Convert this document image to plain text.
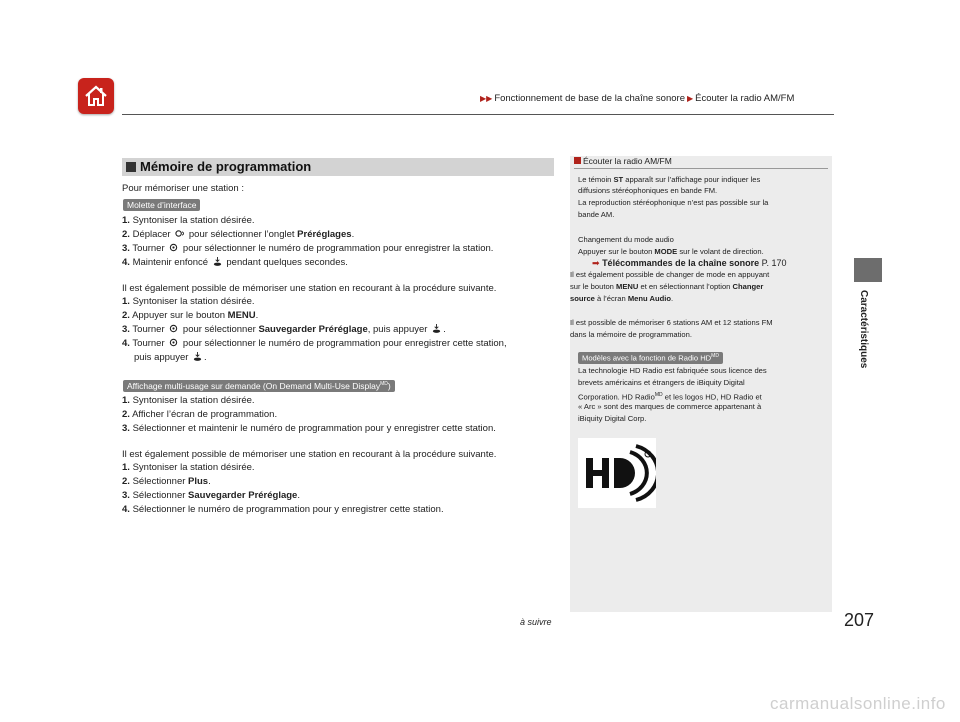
▶▶ Fonctionnement de base de la chaîne sonore ▶ Écouter la radio AM/FM
Caractéristiques
Mémoire de programmation
Pour mémoriser une station :
Molette d’interface
1. Syntoniser la station désirée.
2. Déplacer  pour sélectionner l’onglet Préréglages.
3. Tourner  pour sélectionner le numéro de programmation pour enregistrer la station.
4. Maintenir enfoncé  pendant quelques secondes.
Il est également possible de mémoriser une station en recourant à la procédure suivante.
1. Syntoniser la station désirée.
2. Appuyer sur le bouton MENU.
3. Tourner  pour sélectionner Sauvegarder Préréglage, puis appuyer .
4. Tourner  pour sélectionner le numéro de programmation pour enregistrer cette station,
puis appuyer .
Affichage multi-usage sur demande (On Demand Multi-Use Display$^{MD}$)
1. Syntoniser la station désirée.
2. Afficher l’écran de programmation.
3. Sélectionner et maintenir le numéro de programmation pour y enregistrer cette station.
Il est également possible de mémoriser une station en recourant à la procédure suivante.
1. Syntoniser la station désirée.
2. Sélectionner Plus.
3. Sélectionner Sauvegarder Préréglage.
4. Sélectionner le numéro de programmation pour y enregistrer cette station.
Écouter la radio AM/FM
Le témoin ST apparaît sur l’affichage pour indiquer les
diffusions stéréophoniques en bande FM.
La reproduction stéréophonique n’est pas possible sur la
bande AM.
Changement du mode audio
Appuyer sur le bouton MODE sur le volant de direction.
➡ Télécommandes de la chaîne sonore P. 170
Il est également possible de changer de mode en appuyant
sur le bouton MENU et en sélectionnant l’option Changer
source à l’écran Menu Audio.
Il est possible de mémoriser 6 stations AM et 12 stations FM
dans la mémoire de programmation.
Modèles avec la fonction de Radio $HD^{MD}$
La technologie HD Radio est fabriquée sous licence des
brevets américains et étrangers de iBiquity Digital
Corporation. HD Radio$^{MD}$ et les logos HD, HD Radio et
« Arc » sont des marques de commerce appartenant à
iBiquity Digital Corp.
à suivre	207
carmanualsonline.info
